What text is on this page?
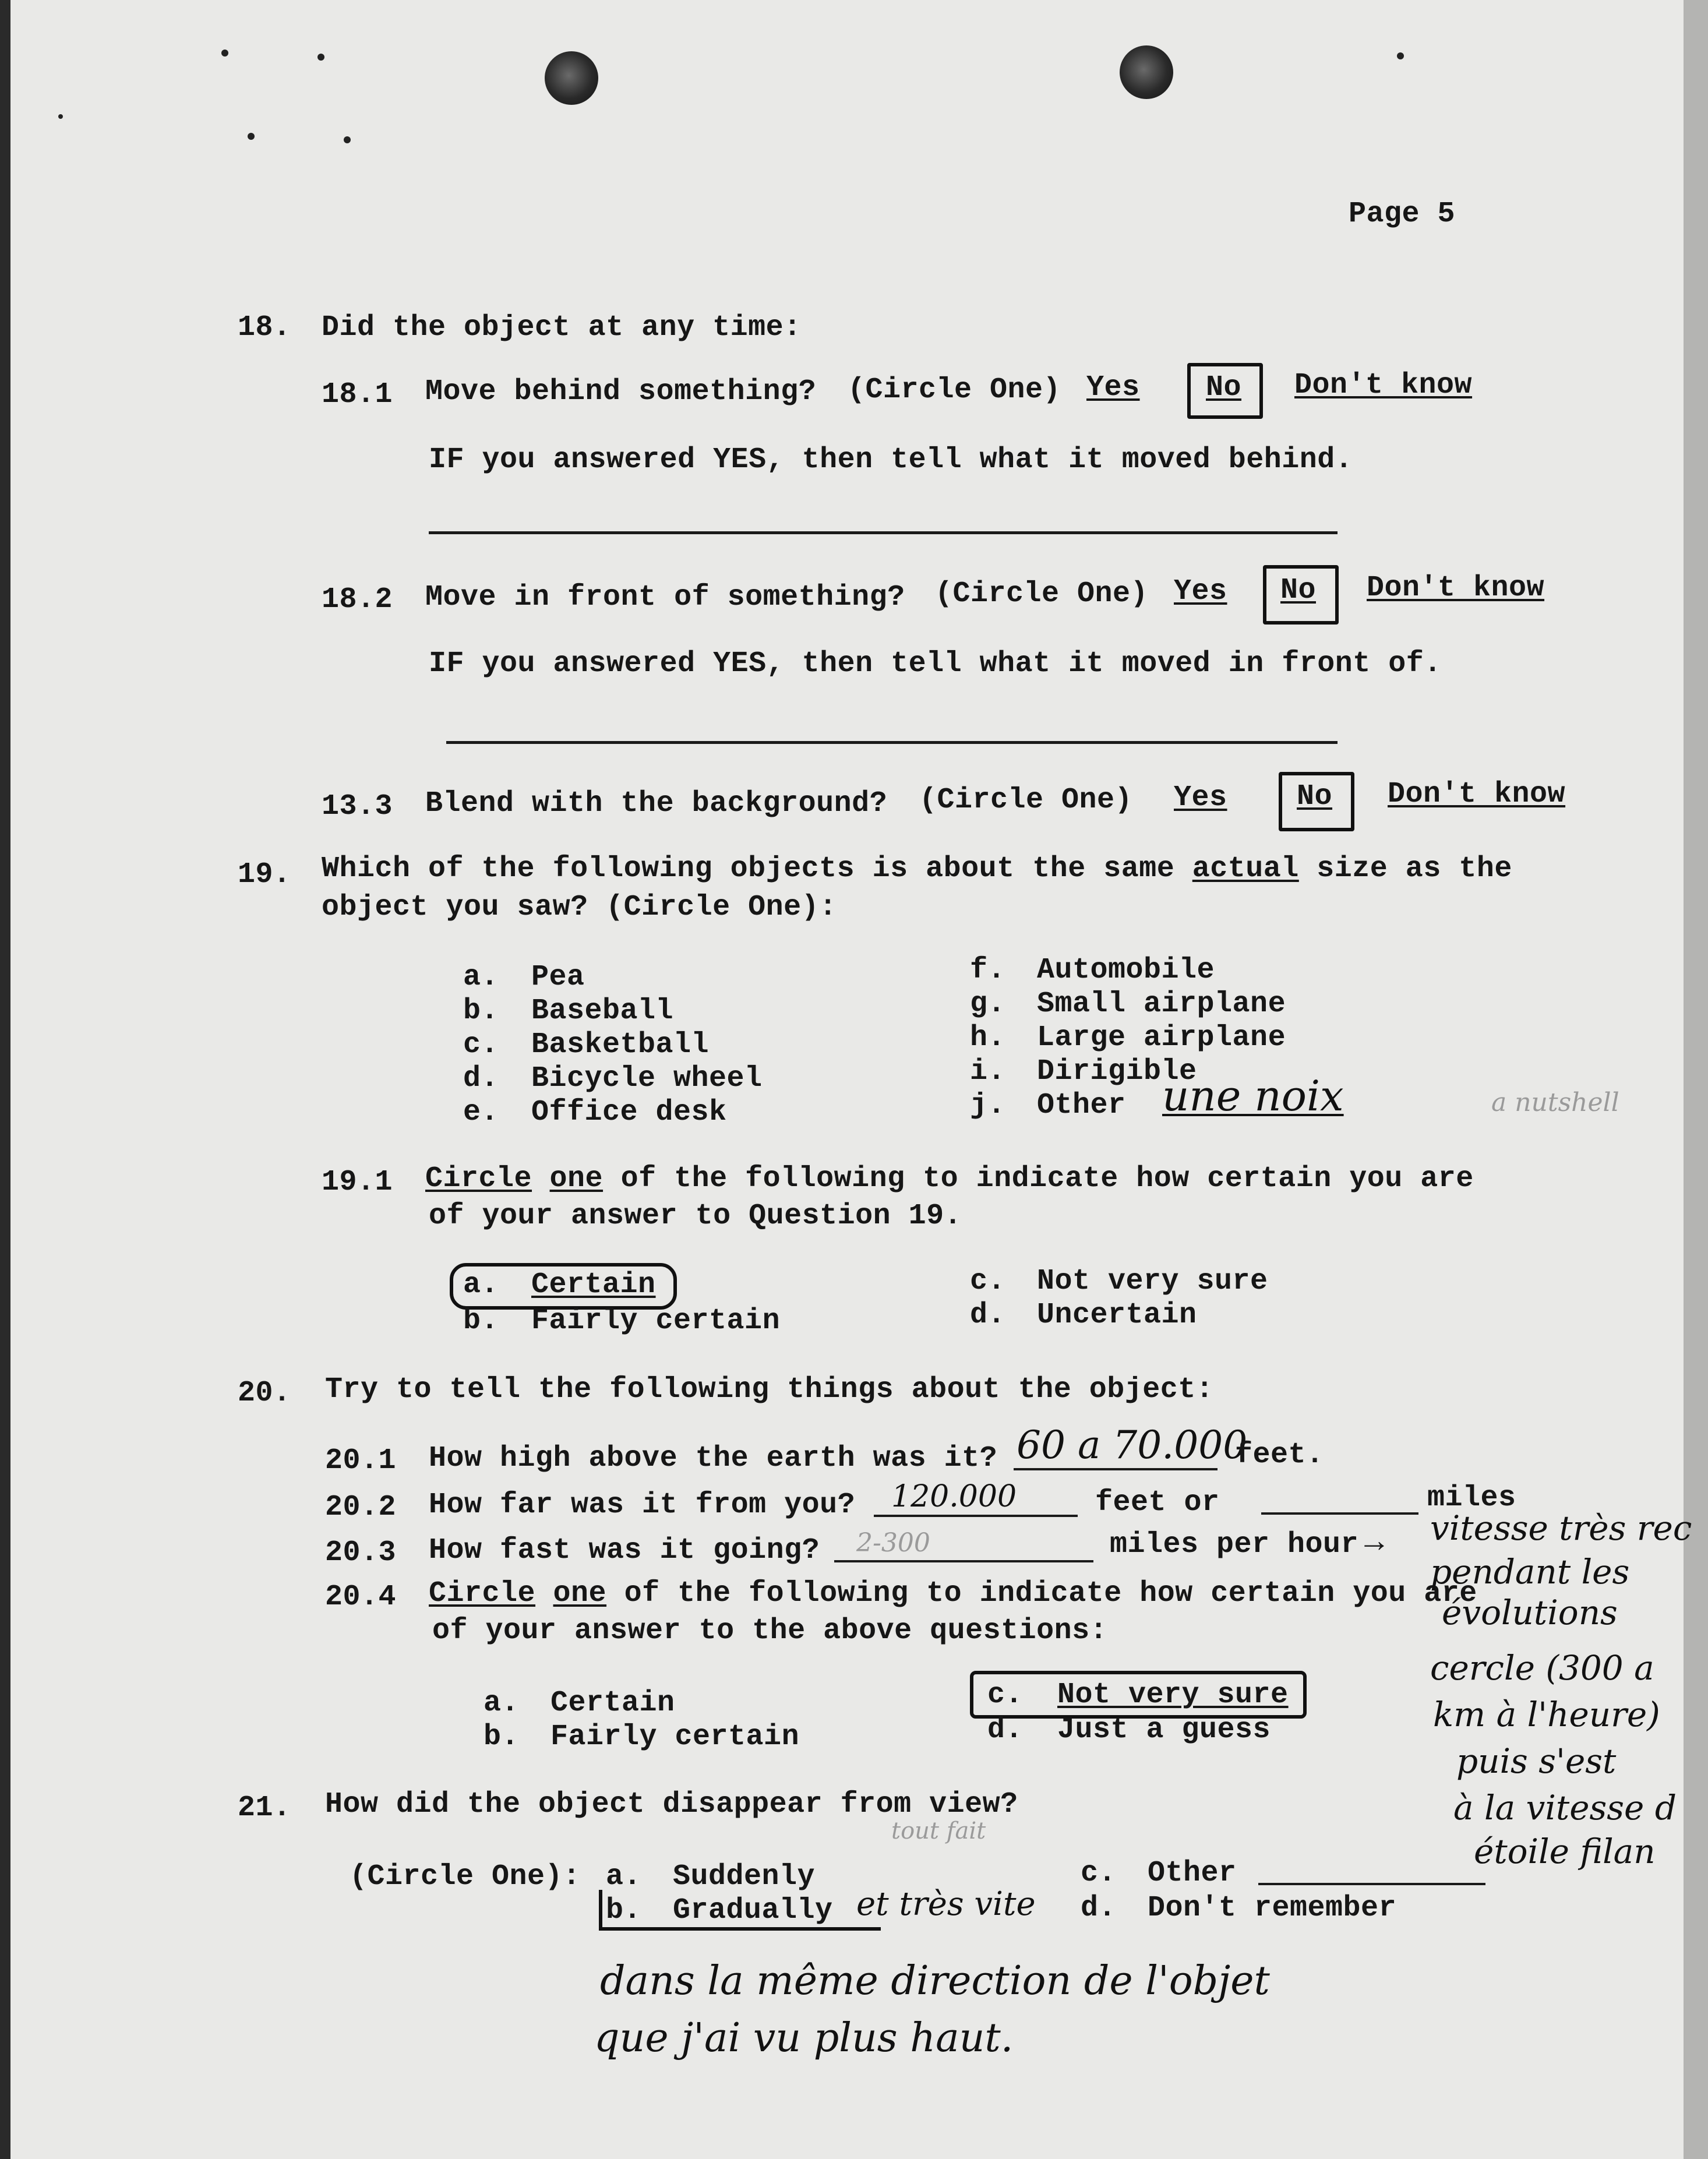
Page 5
18. Did the object at any time:
18.1 Move behind something? (Circle One) Yes No Don't know
IF you answered YES, then tell what it moved behind.
18.2 Move in front of something? (Circle One) Yes No Don't know
IF you answered YES, then tell what it moved in front of.
13.3 Blend with the background? (Circle One) Yes No Don't know
19. Which of the following objects is about the same actual size as the
object you saw? (Circle One):
a. Pea
b. Baseball
c. Basketball
d. Bicycle wheel
e. Office desk
f. Automobile
g. Small airplane
h. Large airplane
i. Dirigible
j. Other une noix	a nutshell
19.1 Circle one of the following to indicate how certain you are
of your answer to Question 19.
a. Certain
b. Fairly certain
c. Not very sure
d. Uncertain
20. Try to tell the following things about the object:
20.1 How high above the earth was it? 60 a 70.000
feet.
20.2 How far was it from you? 120.000	feet or	miles
20.3 How fast was it going? 2-300	miles per hour →
20.4 Circle one of the following to indicate how certain you are
of your answer to the above questions:
a. Certain
b. Fairly certain
c. Not very sure
d. Just a guess
vitesse très rec
pendant les
évolutions
cercle (300 a
km à l'heure)
puis s'est
à la vitesse d
étoile filan
21. How did the object disappear from view?
tout fait
(Circle One): a. Suddenly
b. Gradually et très vite
c. Other
d. Don't remember
dans la même direction de l'objet
que j'ai vu plus haut.
